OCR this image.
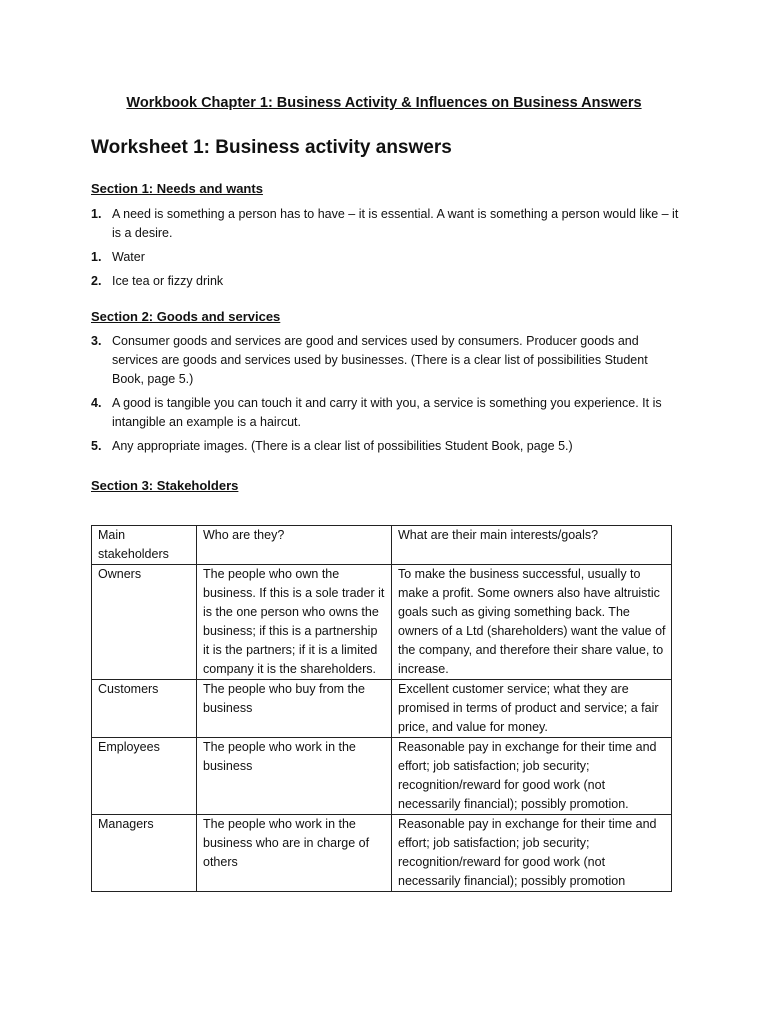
Workbook Chapter 1: Business Activity & Influences on Business Answers
Worksheet 1: Business activity answers
Section 1: Needs and wants
1. A need is something a person has to have – it is essential. A want is something a person would like – it is a desire.
1. Water
2. Ice tea or fizzy drink
Section 2: Goods and services
3. Consumer goods and services are good and services used by consumers. Producer goods and services are goods and services used by businesses. (There is a clear list of possibilities Student Book, page 5.)
4. A good is tangible you can touch it and carry it with you, a service is something you experience. It is intangible an example is a haircut.
5. Any appropriate images. (There is a clear list of possibilities Student Book, page 5.)
Section 3: Stakeholders
Main stakeholders	Who are they?	What are their main interests/goals?
Owners	The people who own the business. If this is a sole trader it is the one person who owns the business; if this is a partnership it is the partners; if it is a limited company it is the shareholders.	To make the business successful, usually to make a profit. Some owners also have altruistic goals such as giving something back. The owners of a Ltd (shareholders) want the value of the company, and therefore their share value, to increase.
Customers	The people who buy from the business	Excellent customer service; what they are promised in terms of product and service; a fair price, and value for money.
Employees	The people who work in the business	Reasonable pay in exchange for their time and effort; job satisfaction; job security; recognition/reward for good work (not necessarily financial); possibly promotion.
Managers	The people who work in the business who are in charge of others	Reasonable pay in exchange for their time and effort; job satisfaction; job security; recognition/reward for good work (not necessarily financial); possibly promotion
